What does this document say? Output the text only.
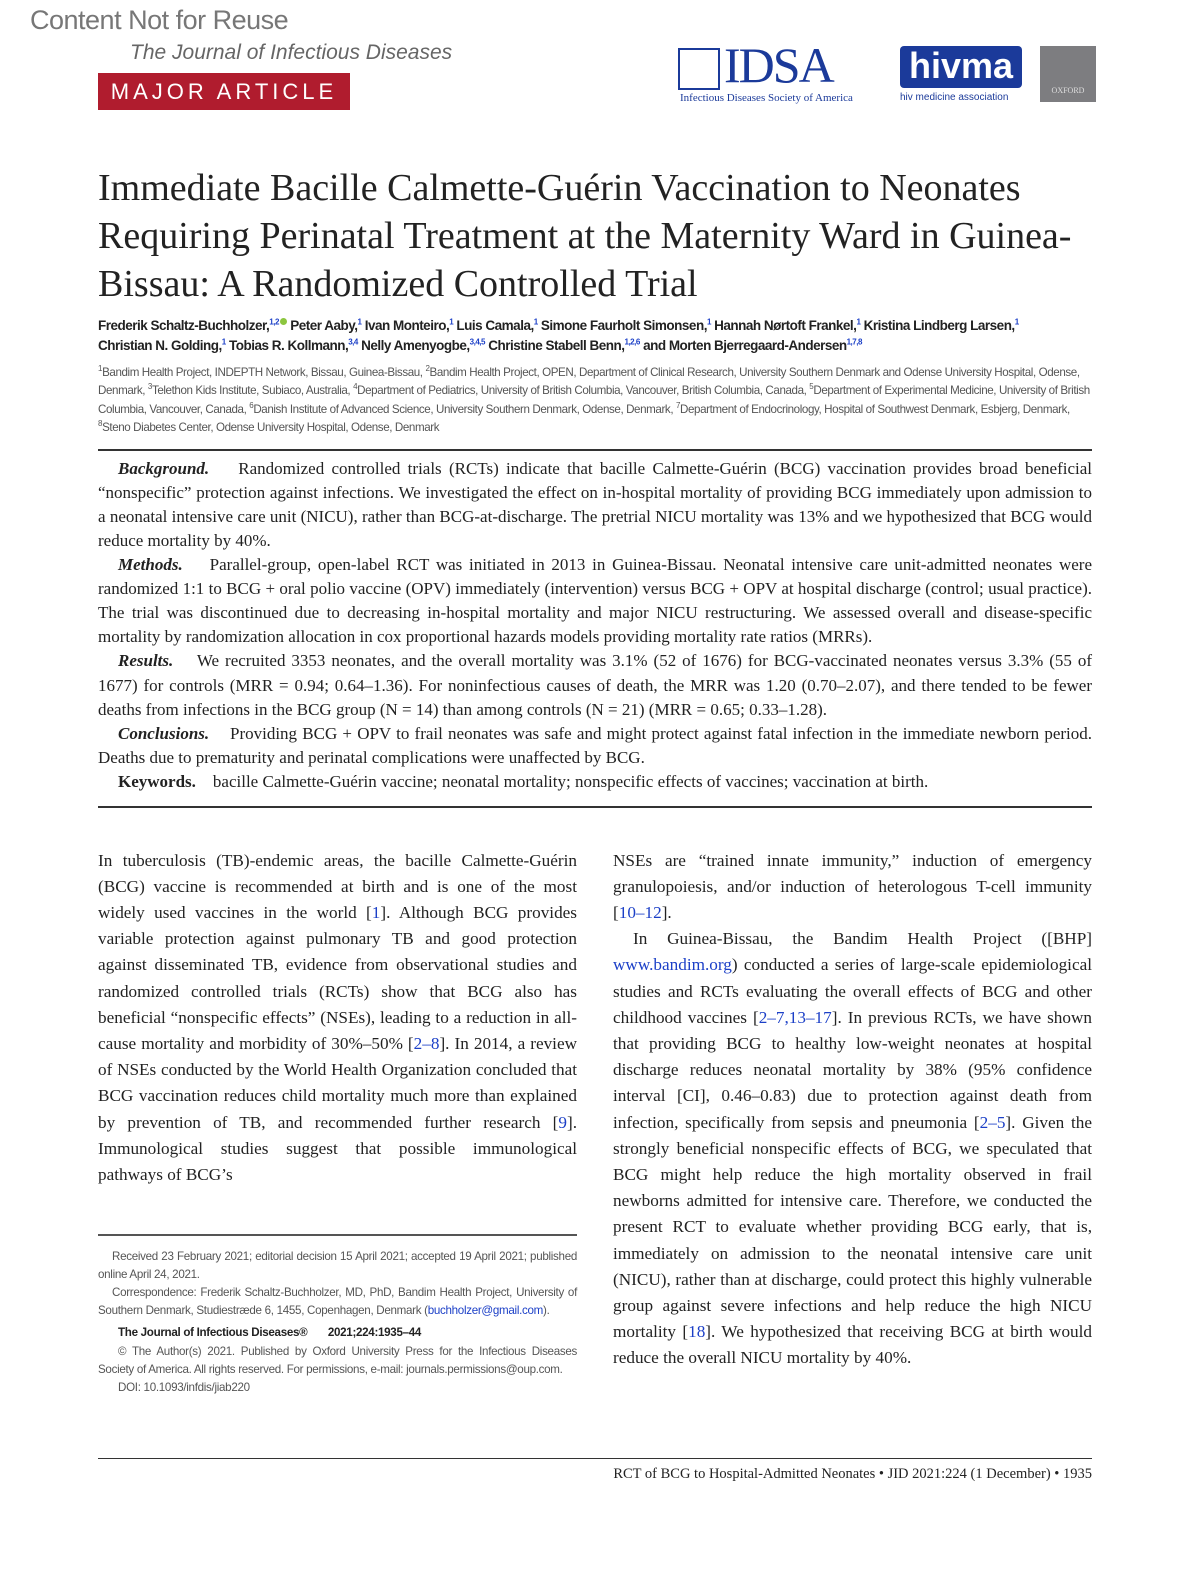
Content Not for Reuse
The Journal of Infectious Diseases
MAJOR ARTICLE	IDSA
Infectious Diseases Society of America
hivma
hiv medicine association
OXFORD
Immediate Bacille Calmette-Guérin Vaccination to Neonates Requiring Perinatal Treatment at the Maternity Ward in Guinea-Bissau: A Randomized Controlled Trial
Frederik Schaltz-Buchholzer,$^{1,2}$ Peter Aaby,$^1$ Ivan Monteiro,$^1$ Luis Camala,$^1$ Simone Faurholt Simonsen,$^1$ Hannah Nørtoft Frankel,$^1$ Kristina Lindberg Larsen,$^1$
Christian N. Golding,$^1$ Tobias R. Kollmann,$^{3,4}$ Nelly Amenyogbe,$^{3,4,5}$ Christine Stabell Benn,$^{1,2,6}$ and Morten Bjerregaard-Andersen$^{1,7,8}$
$^1$Bandim Health Project, INDEPTH Network, Bissau, Guinea-Bissau, $^2$Bandim Health Project, OPEN, Department of Clinical Research, University Southern Denmark and Odense University Hospital, Odense, Denmark, $^3$Telethon Kids Institute, Subiaco, Australia, $^4$Department of Pediatrics, University of British Columbia, Vancouver, British Columbia, Canada, $^5$Department of Experimental Medicine, University of British Columbia, Vancouver, Canada, $^6$Danish Institute of Advanced Science, University Southern Denmark, Odense, Denmark, $^7$Department of Endocrinology, Hospital of Southwest Denmark, Esbjerg, Denmark, $^8$Steno Diabetes Center, Odense University Hospital, Odense, Denmark

Background. Randomized controlled trials (RCTs) indicate that bacille Calmette-Guérin (BCG) vaccination provides broad beneficial “nonspecific” protection against infections. We investigated the effect on in-hospital mortality of providing BCG immediately upon admission to a neonatal intensive care unit (NICU), rather than BCG-at-discharge. The pretrial NICU mortality was 13% and we hypothesized that BCG would reduce mortality by 40%.

Methods. Parallel-group, open-label RCT was initiated in 2013 in Guinea-Bissau. Neonatal intensive care unit-admitted neonates were randomized 1:1 to BCG + oral polio vaccine (OPV) immediately (intervention) versus BCG + OPV at hospital discharge (control; usual practice). The trial was discontinued due to decreasing in-hospital mortality and major NICU restructuring. We assessed overall and disease-specific mortality by randomization allocation in cox proportional hazards models providing mortality rate ratios (MRRs).

Results. We recruited 3353 neonates, and the overall mortality was 3.1% (52 of 1676) for BCG-vaccinated neonates versus 3.3% (55 of 1677) for controls (MRR = 0.94; 0.64–1.36). For noninfectious causes of death, the MRR was 1.20 (0.70–2.07), and there tended to be fewer deaths from infections in the BCG group (N = 14) than among controls (N = 21) (MRR = 0.65; 0.33–1.28).

Conclusions. Providing BCG + OPV to frail neonates was safe and might protect against fatal infection in the immediate newborn period. Deaths due to prematurity and perinatal complications were unaffected by BCG.

Keywords. bacille Calmette-Guérin vaccine; neonatal mortality; nonspecific effects of vaccines; vaccination at birth.

In tuberculosis (TB)-endemic areas, the bacille Calmette-Guérin (BCG) vaccine is recommended at birth and is one of the most widely used vaccines in the world [1]. Although BCG provides variable protection against pulmonary TB and good protection against disseminated TB, evidence from observational studies and randomized controlled trials (RCTs) show that BCG also has beneficial “nonspecific effects” (NSEs), leading to a reduction in all-cause mortality and morbidity of 30%–50% [2–8]. In 2014, a review of NSEs conducted by the World Health Organization concluded that BCG vaccination reduces child mortality much more than explained by prevention of TB, and recommended further research [9]. Immunological studies suggest that possible immunological pathways of BCG’s

Received 23 February 2021; editorial decision 15 April 2021; accepted 19 April 2021; published online April 24, 2021.

Correspondence: Frederik Schaltz-Buchholzer, MD, PhD, Bandim Health Project, University of Southern Denmark, Studiestræde 6, 1455, Copenhagen, Denmark (buchholzer@gmail.com).

The Journal of Infectious Diseases® 2021;224:1935–44

© The Author(s) 2021. Published by Oxford University Press for the Infectious Diseases Society of America. All rights reserved. For permissions, e-mail: journals.permissions@oup.com.

DOI: 10.1093/infdis/jiab220

NSEs are “trained innate immunity,” induction of emergency granulopoiesis, and/or induction of heterologous T-cell immunity [10–12].

In Guinea-Bissau, the Bandim Health Project ([BHP] www.bandim.org) conducted a series of large-scale epidemiological studies and RCTs evaluating the overall effects of BCG and other childhood vaccines [2–7,13–17]. In previous RCTs, we have shown that providing BCG to healthy low-weight neonates at hospital discharge reduces neonatal mortality by 38% (95% confidence interval [CI], 0.46–0.83) due to protection against death from infection, specifically from sepsis and pneumonia [2–5]. Given the strongly beneficial nonspecific effects of BCG, we speculated that BCG might help reduce the high mortality observed in frail newborns admitted for intensive care. Therefore, we conducted the present RCT to evaluate whether providing BCG early, that is, immediately on admission to the neonatal intensive care unit (NICU), rather than at discharge, could protect this highly vulnerable group against severe infections and help reduce the high NICU mortality [18]. We hypothesized that receiving BCG at birth would reduce the overall NICU mortality by 40%.

RCT of BCG to Hospital-Admitted Neonates • JID 2021:224 (1 December) • 1935
